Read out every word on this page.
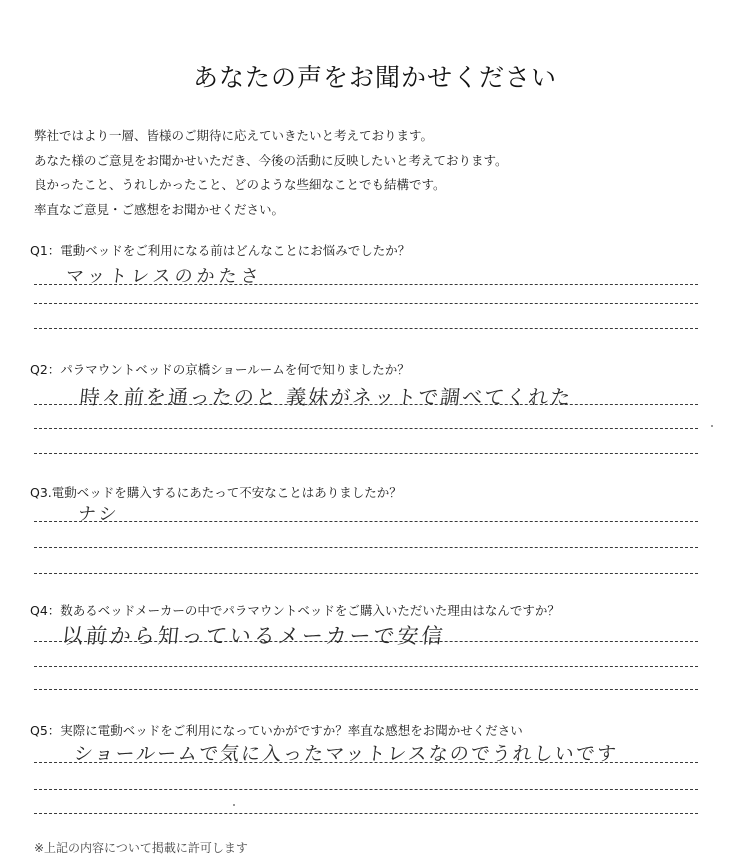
あなたの声をお聞かせください
弊社ではより一層、皆様のご期待に応えていきたいと考えております。
あなた様のご意見をお聞かせいただき、今後の活動に反映したいと考えております。
良かったこと、うれしかったこと、どのような些細なことでも結構です。
率直なご意見・ご感想をお聞かせください。
Q1：電動ベッドをご利用になる前はどんなことにお悩みでしたか？
マットレスのかたさ
Q2：パラマウントベッドの京橋ショールームを何で知りましたか？
時々前を通ったのと 義妹がネットで調べてくれた
Q3.電動ベッドを購入するにあたって不安なことはありましたか？
ナシ
Q4：数あるベッドメーカーの中でパラマウントベッドをご購入いただいた理由はなんですか？
以前から知っているメーカーで安信
Q5：実際に電動ベッドをご利用になっていかがですか？率直な感想をお聞かせください
ショールームで気に入ったマットレスなのでうれしいです
※上記の内容について掲載に許可します
